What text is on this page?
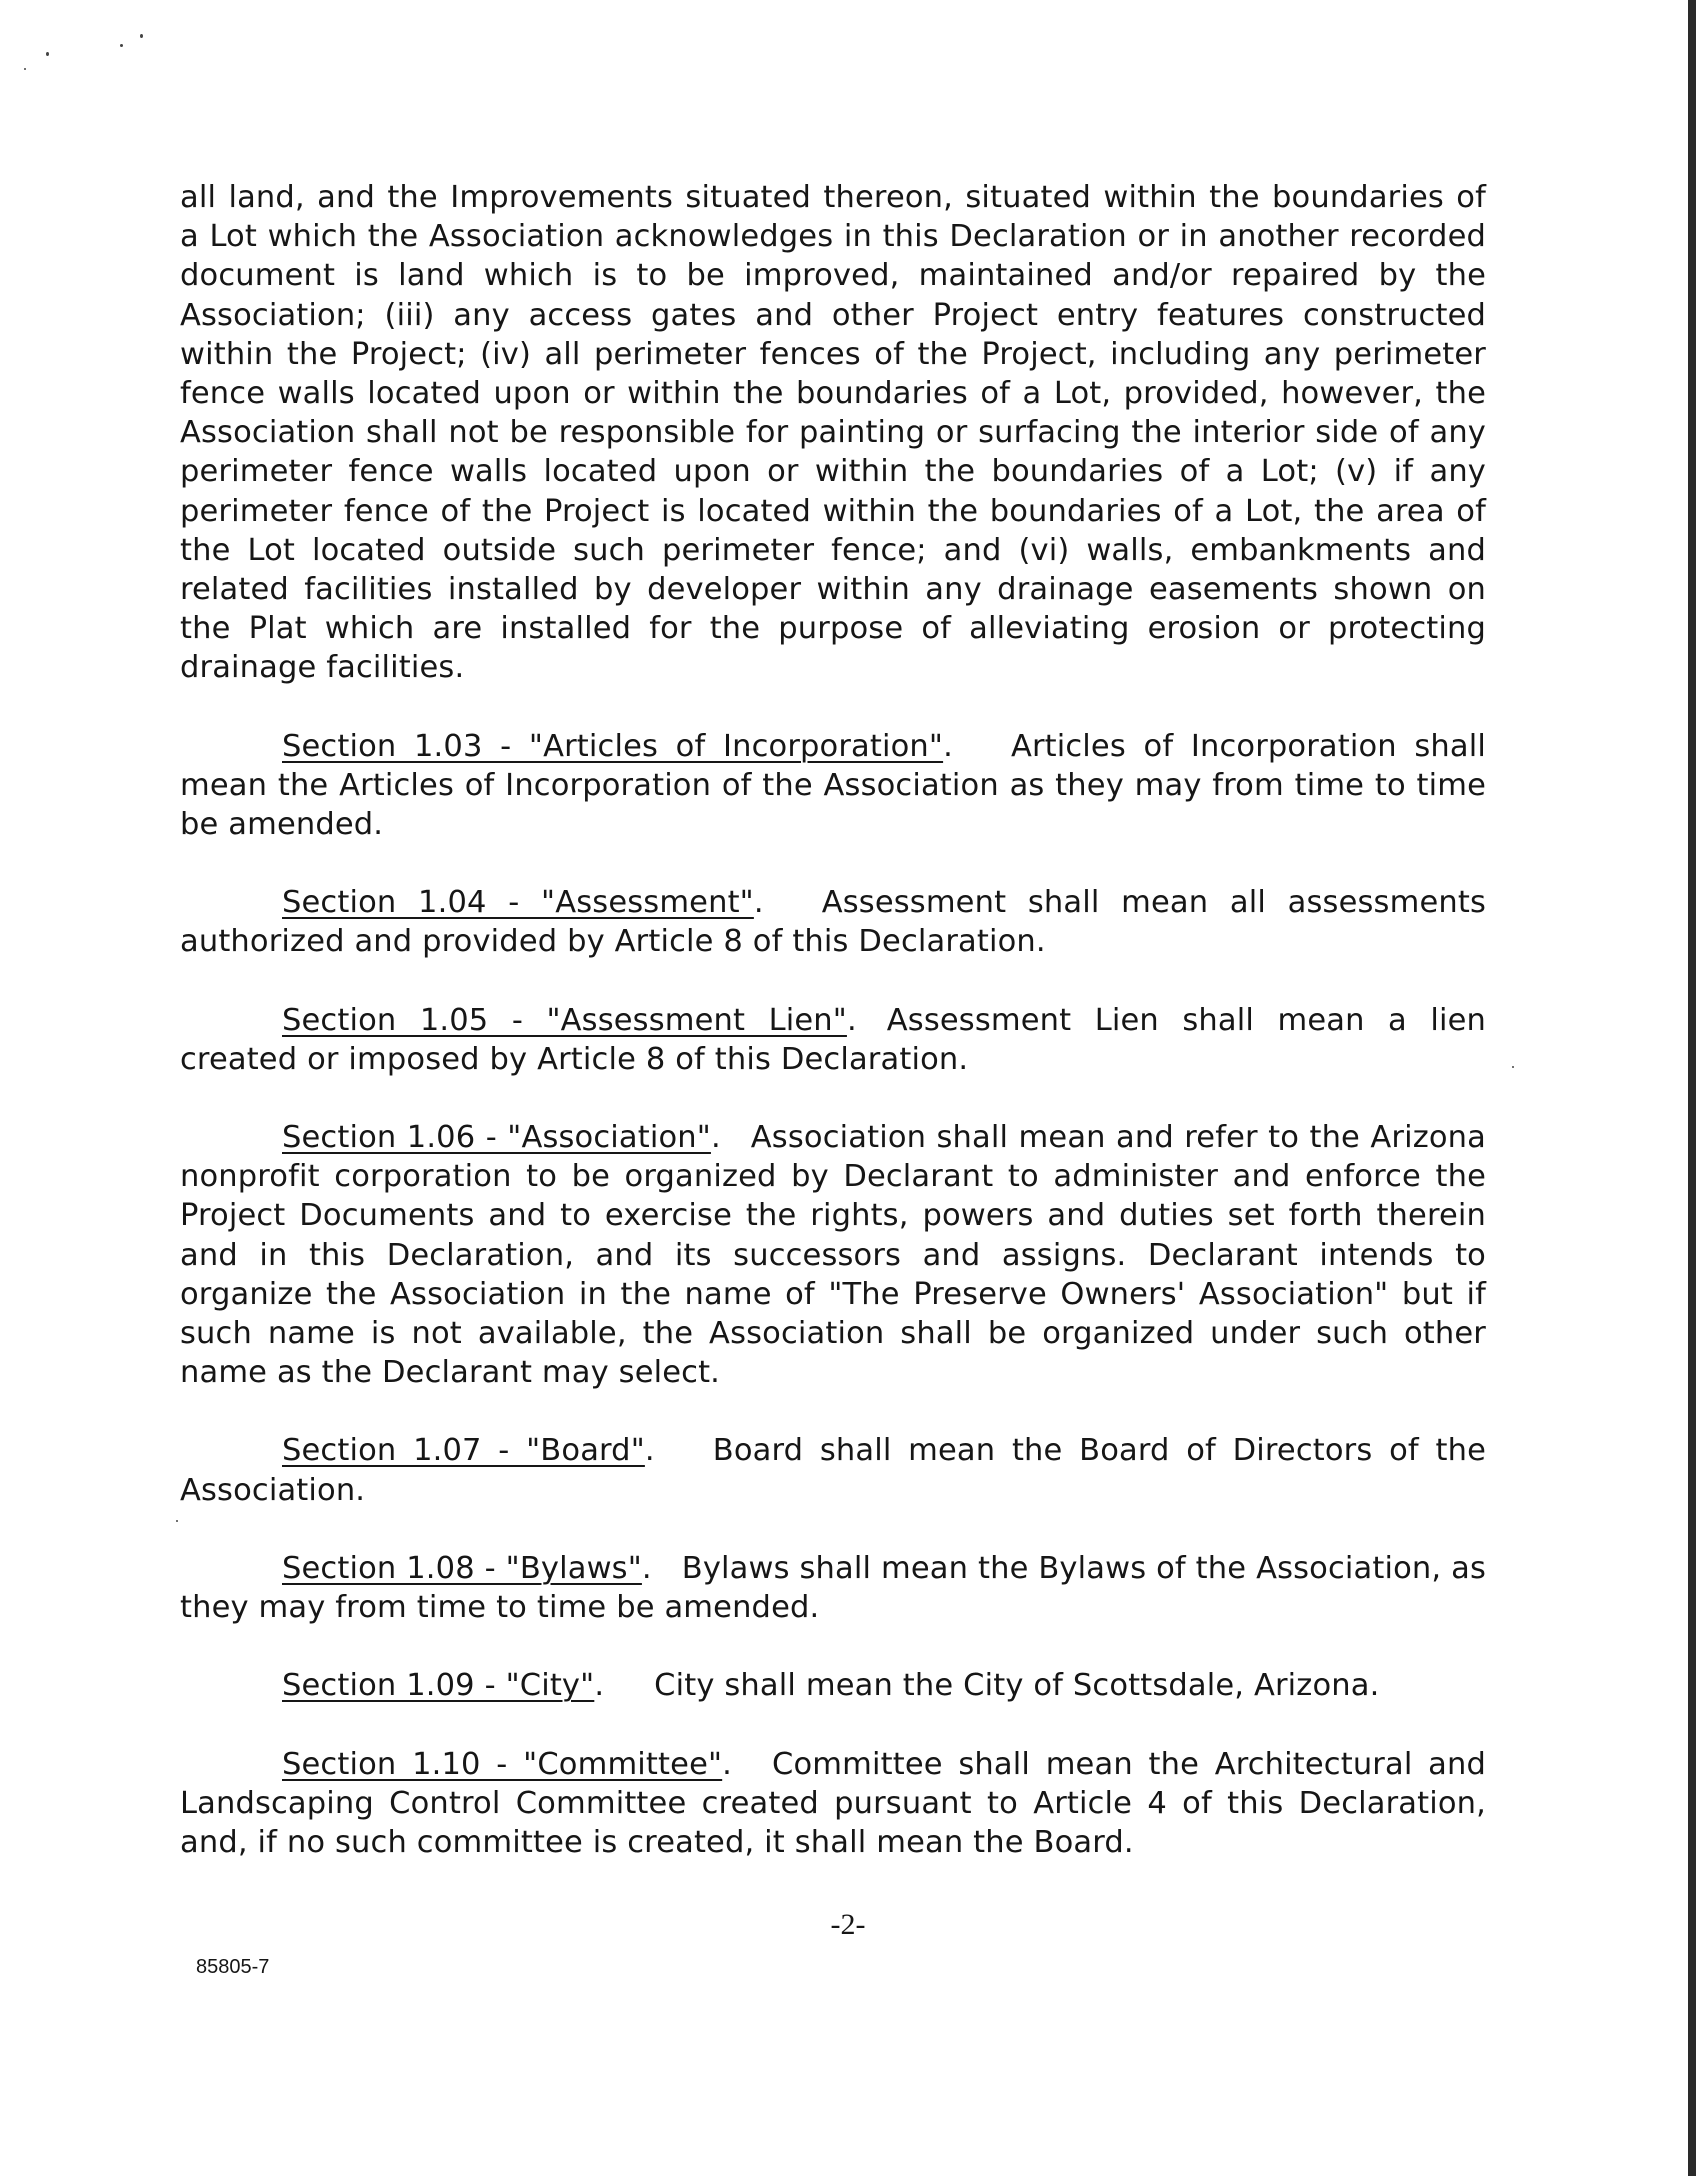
all land, and the Improvements situated thereon, situated within the boundaries of a Lot which the Association acknowledges in this Declaration or in another recorded document is land which is to be improved, maintained and/or repaired by the Association; (iii) any access gates and other Project entry features constructed within the Project; (iv) all perimeter fences of the Project, including any perimeter fence walls located upon or within the boundaries of a Lot, provided, however, the Association shall not be responsible for painting or surfacing the interior side of any perimeter fence walls located upon or within the boundaries of a Lot; (v) if any perimeter fence of the Project is located within the boundaries of a Lot, the area of the Lot located outside such perimeter fence; and (vi) walls, embankments and related facilities installed by developer within any drainage easements shown on the Plat which are installed for the purpose of alleviating erosion or protecting drainage facilities.

Section 1.03 - "Articles of Incorporation". Articles of Incorporation shall mean the Articles of Incorporation of the Association as they may from time to time be amended.

Section 1.04 - "Assessment". Assessment shall mean all assessments authorized and provided by Article 8 of this Declaration.

Section 1.05 - "Assessment Lien". Assessment Lien shall mean a lien created or imposed by Article 8 of this Declaration.

Section 1.06 - "Association". Association shall mean and refer to the Arizona nonprofit corporation to be organized by Declarant to administer and enforce the Project Documents and to exercise the rights, powers and duties set forth therein and in this Declaration, and its successors and assigns. Declarant intends to organize the Association in the name of "The Preserve Owners' Association" but if such name is not available, the Association shall be organized under such other name as the Declarant may select.

Section 1.07 - "Board". Board shall mean the Board of Directors of the Association.

Section 1.08 - "Bylaws". Bylaws shall mean the Bylaws of the Association, as they may from time to time be amended.

Section 1.09 - "City". City shall mean the City of Scottsdale, Arizona.

Section 1.10 - "Committee". Committee shall mean the Architectural and Landscaping Control Committee created pursuant to Article 4 of this Declaration, and, if no such committee is created, it shall mean the Board.

-2-
85805-7
